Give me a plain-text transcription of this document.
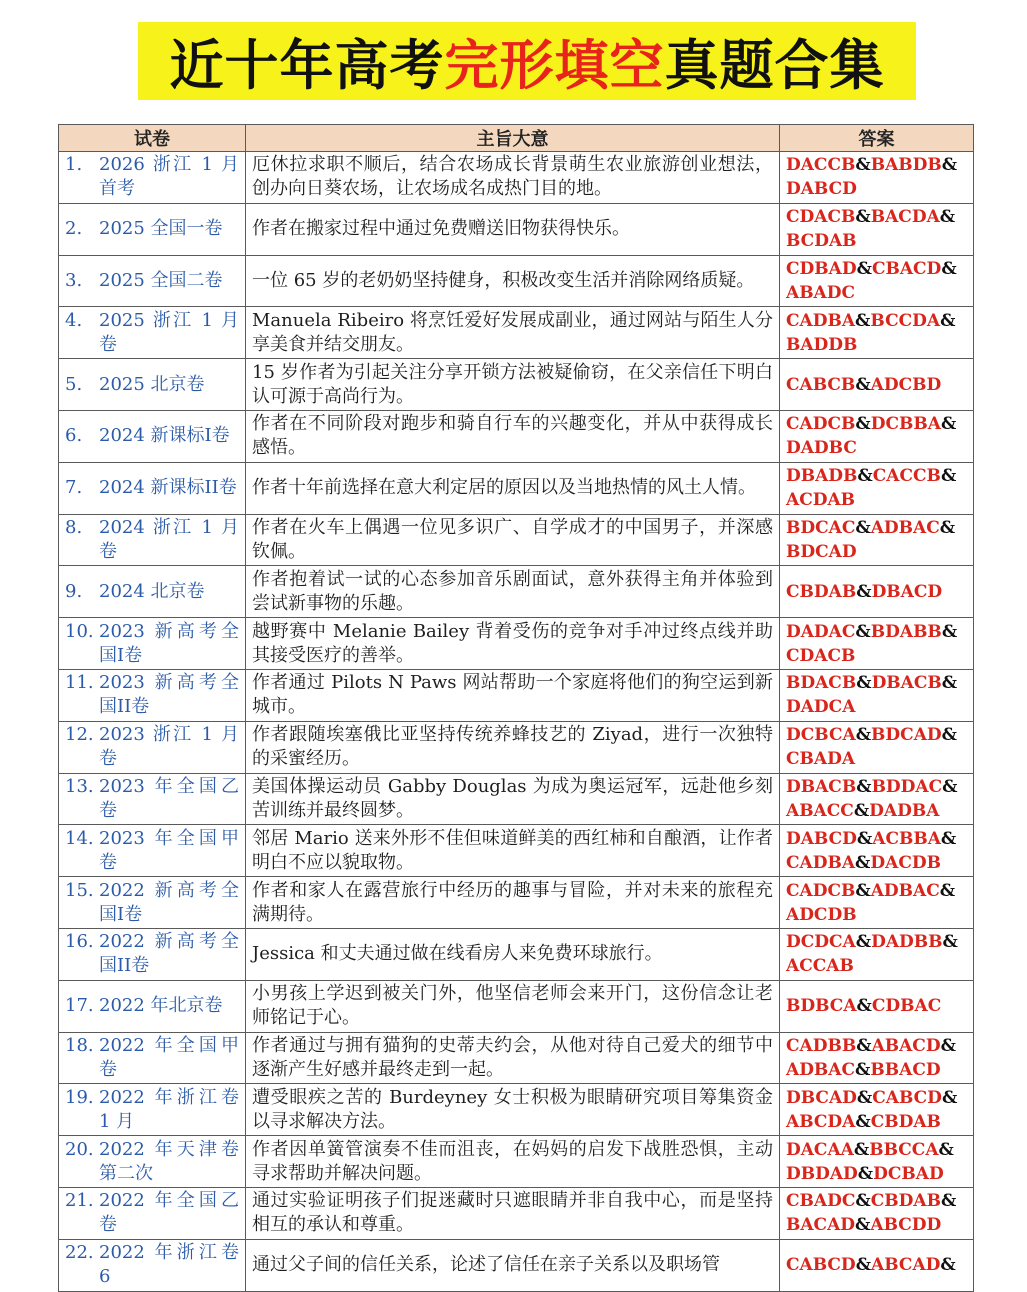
近十年高考 完形填空 真题合集
试卷	主旨大意	答案

1. 2026 浙江 1 月首考	厄休拉求职不顺后，结合农场成长背景萌生农业旅游创业想法，创办向日葵农场，让农场成名成热门目的地。	DACCB&BABDB&DABCD

2. 2025 全国一卷	作者在搬家过程中通过免费赠送旧物获得快乐。	CDACB&BACDA&BCDAB

3. 2025 全国二卷	一位 65 岁的老奶奶坚持健身，积极改变生活并消除网络质疑。	CDBAD&CBACD&ABADC

4. 2025 浙江 1 月卷	Manuela Ribeiro 将烹饪爱好发展成副业，通过网站与陌生人分享美食并结交朋友。	CADBA&BCCDA&BADDB

5. 2025 北京卷	15 岁作者为引起关注分享开锁方法被疑偷窃，在父亲信任下明白认可源于高尚行为。	CABCB&ADCBD

6. 2024 新课标I卷	作者在不同阶段对跑步和骑自行车的兴趣变化，并从中获得成长感悟。	CADCB&DCBBA&DADBC

7. 2024 新课标II卷	作者十年前选择在意大利定居的原因以及当地热情的风土人情。	DBADB&CACCB&ACDAB

8. 2024 浙江 1 月卷	作者在火车上偶遇一位见多识广、自学成才的中国男子，并深感钦佩。	BDCAC&ADBAC&BDCAD

9. 2024 北京卷	作者抱着试一试的心态参加音乐剧面试，意外获得主角并体验到尝试新事物的乐趣。	CBDAB&DBACD

10. 2023 新高考全国I卷	越野赛中 Melanie Bailey 背着受伤的竞争对手冲过终点线并助其接受医疗的善举。	DADAC&BDABB&CDACB

11. 2023 新高考全国II卷	作者通过 Pilots N Paws 网站帮助一个家庭将他们的狗空运到新城市。	BDACB&DBACB&DADCA

12. 2023 浙江 1 月卷	作者跟随埃塞俄比亚坚持传统养蜂技艺的 Ziyad，进行一次独特的采蜜经历。	DCBCA&BDCAD&CBADA

13. 2023 年全国乙卷	美国体操运动员 Gabby Douglas 为成为奥运冠军，远赴他乡刻苦训练并最终圆梦。	DBACB&BDDAC&ABACC&DADBA

14. 2023 年全国甲卷	邻居 Mario 送来外形不佳但味道鲜美的西红柿和自酿酒，让作者明白不应以貌取物。	DABCD&ACBBA&CADBA&DACDB

15. 2022 新高考全国I卷	作者和家人在露营旅行中经历的趣事与冒险，并对未来的旅程充满期待。	CADCB&ADBAC&ADCDB

16. 2022 新高考全国II卷	Jessica 和丈夫通过做在线看房人来免费环球旅行。	DCDCA&DADBB&ACCAB

17. 2022 年北京卷	小男孩上学迟到被关门外，他坚信老师会来开门，这份信念让老师铭记于心。	BDBCA&CDBAC

18. 2022 年全国甲卷	作者通过与拥有猫狗的史蒂夫约会，从他对待自己爱犬的细节中逐渐产生好感并最终走到一起。	CADBB&ABACD&ADBAC&BBACD

19. 2022 年浙江卷 1 月	遭受眼疾之苦的 Burdeyney 女士积极为眼睛研究项目筹集资金以寻求解决方法。	DBCAD&CABCD&ABCDA&CBDAB

20. 2022 年天津卷第二次	作者因单簧管演奏不佳而沮丧，在妈妈的启发下战胜恐惧，主动寻求帮助并解决问题。	DACAA&BBCCA&DBDAD&DCBAD

21. 2022 年全国乙卷	通过实验证明孩子们捉迷藏时只遮眼睛并非自我中心，而是坚持相互的承认和尊重。	CBADC&CBDAB&BACAD&ABCDD

22. 2022 年浙江卷 6	通过父子间的信任关系，论述了信任在亲子关系以及职场管	CABCD&ABCAD&
